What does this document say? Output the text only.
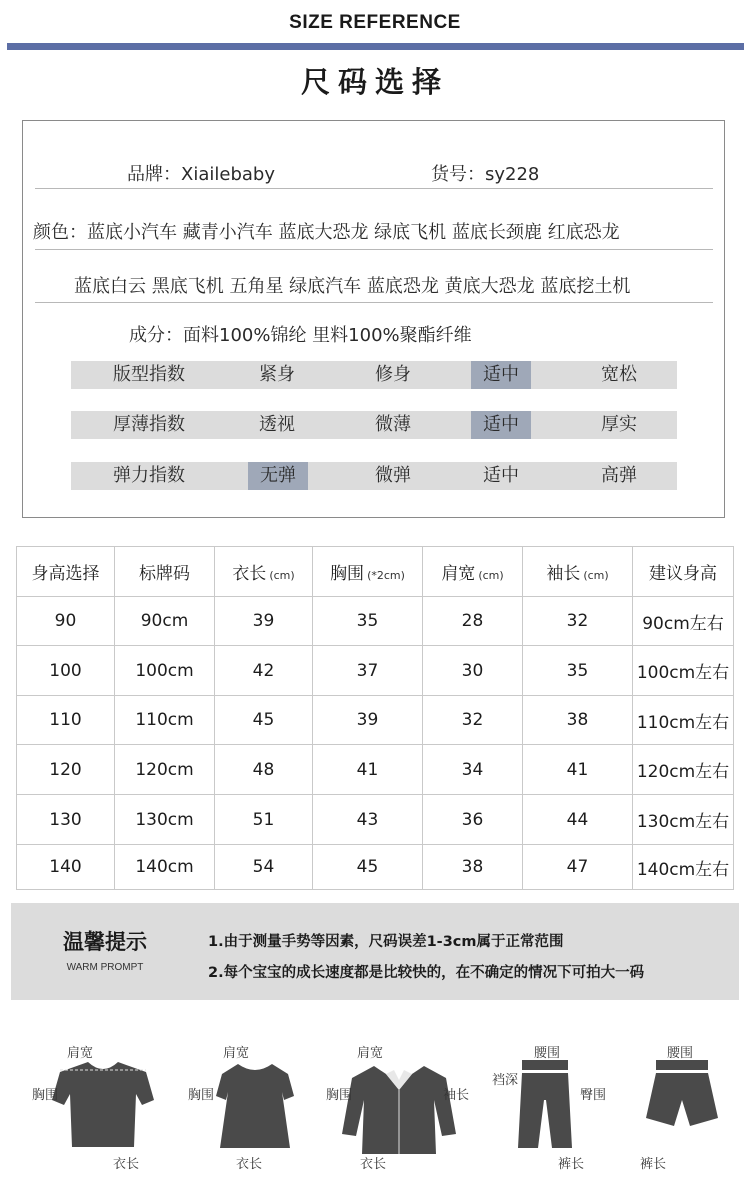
SIZE REFERENCE
尺码选择
品牌：Xiailebaby	货号：sy228
颜色：蓝底小汽车 藏青小汽车 蓝底大恐龙 绿底飞机 蓝底长颈鹿 红底恐龙
蓝底白云 黑底飞机 五角星 绿底汽车 蓝底恐龙 黄底大恐龙 蓝底挖土机
成分：面料100%锦纶 里料100%聚酯纤维
版型指数	紧身	修身	适中	宽松
厚薄指数	透视	微薄	适中	厚实
弹力指数	无弹	微弹	适中	高弹
身高选择	标牌码	衣长 (cm)	胸围 (*2cm)	肩宽 (cm)	袖长 (cm)	建议身高
90	90cm	39	35	28	32	90cm左右
100	100cm	42	37	30	35	100cm左右
110	110cm	45	39	32	38	110cm左右
120	120cm	48	41	34	41	120cm左右
130	130cm	51	43	36	44	130cm左右
140	140cm	54	45	38	47	140cm左右
温馨提示
WARM PROMPT
1.由于测量手势等因素，尺码误差1-3cm属于正常范围
2.每个宝宝的成长速度都是比较快的，在不确定的情况下可拍大一码
肩宽
胸围
衣长
肩宽
胸围
衣长
肩宽
胸围	袖长
衣长
腰围
裆深
臀围
裤长
腰围
裤长
